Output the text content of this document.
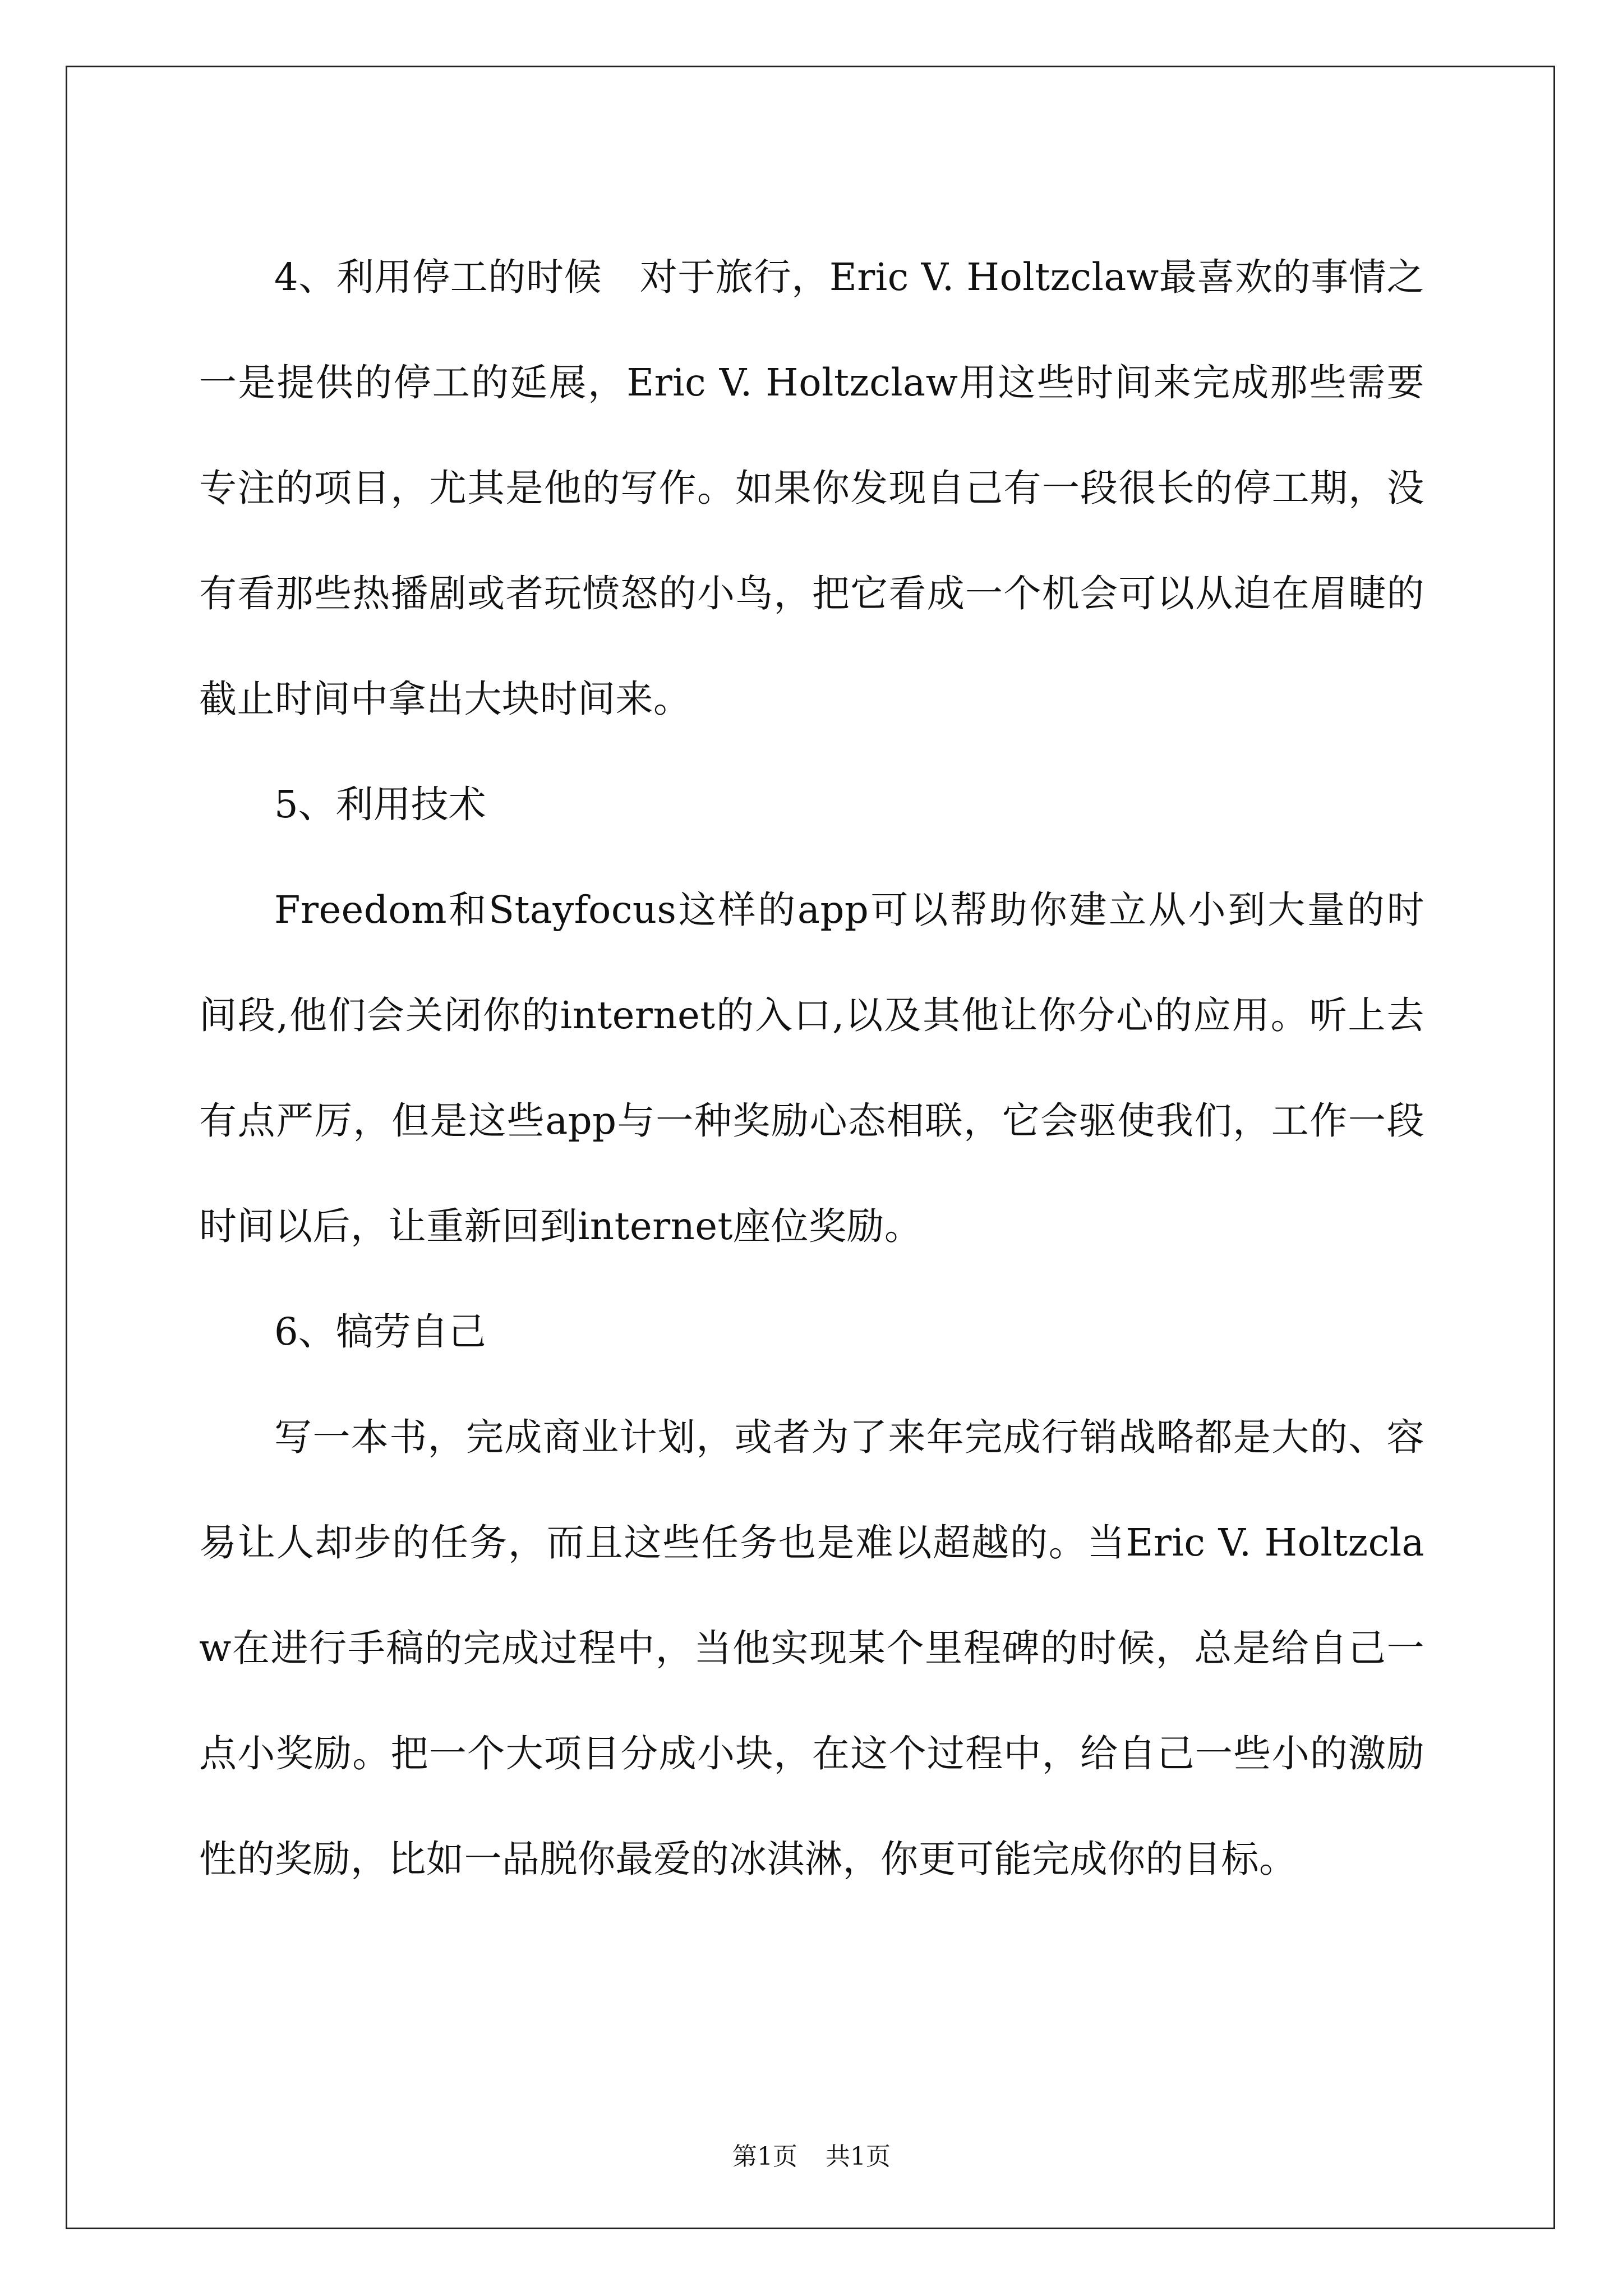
4、利用停工的时候　对于旅行，Eric V. Holtzclaw最喜欢的事情之一是提供的停工的延展，Eric V. Holtzclaw用这些时间来完成那些需要专注的项目，尤其是他的写作。如果你发现自己有一段很长的停工期，没有看那些热播剧或者玩愤怒的小鸟，把它看成一个机会可以从迫在眉睫的截止时间中拿出大块时间来。

5、利用技术

Freedom和Stayfocus这样的app可以帮助你建立从小到大量的时间段,他们会关闭你的internet的入口,以及其他让你分心的应用。听上去有点严厉，但是这些app与一种奖励心态相联，它会驱使我们，工作一段时间以后，让重新回到internet座位奖励。

6、犒劳自己

写一本书，完成商业计划，或者为了来年完成行销战略都是大的、容易让人却步的任务，而且这些任务也是难以超越的。当Eric V. Holtzclaw在进行手稿的完成过程中，当他实现某个里程碑的时候，总是给自己一点小奖励。把一个大项目分成小块，在这个过程中，给自己一些小的激励性的奖励，比如一品脱你最爱的冰淇淋，你更可能完成你的目标。

第1页 共1页
